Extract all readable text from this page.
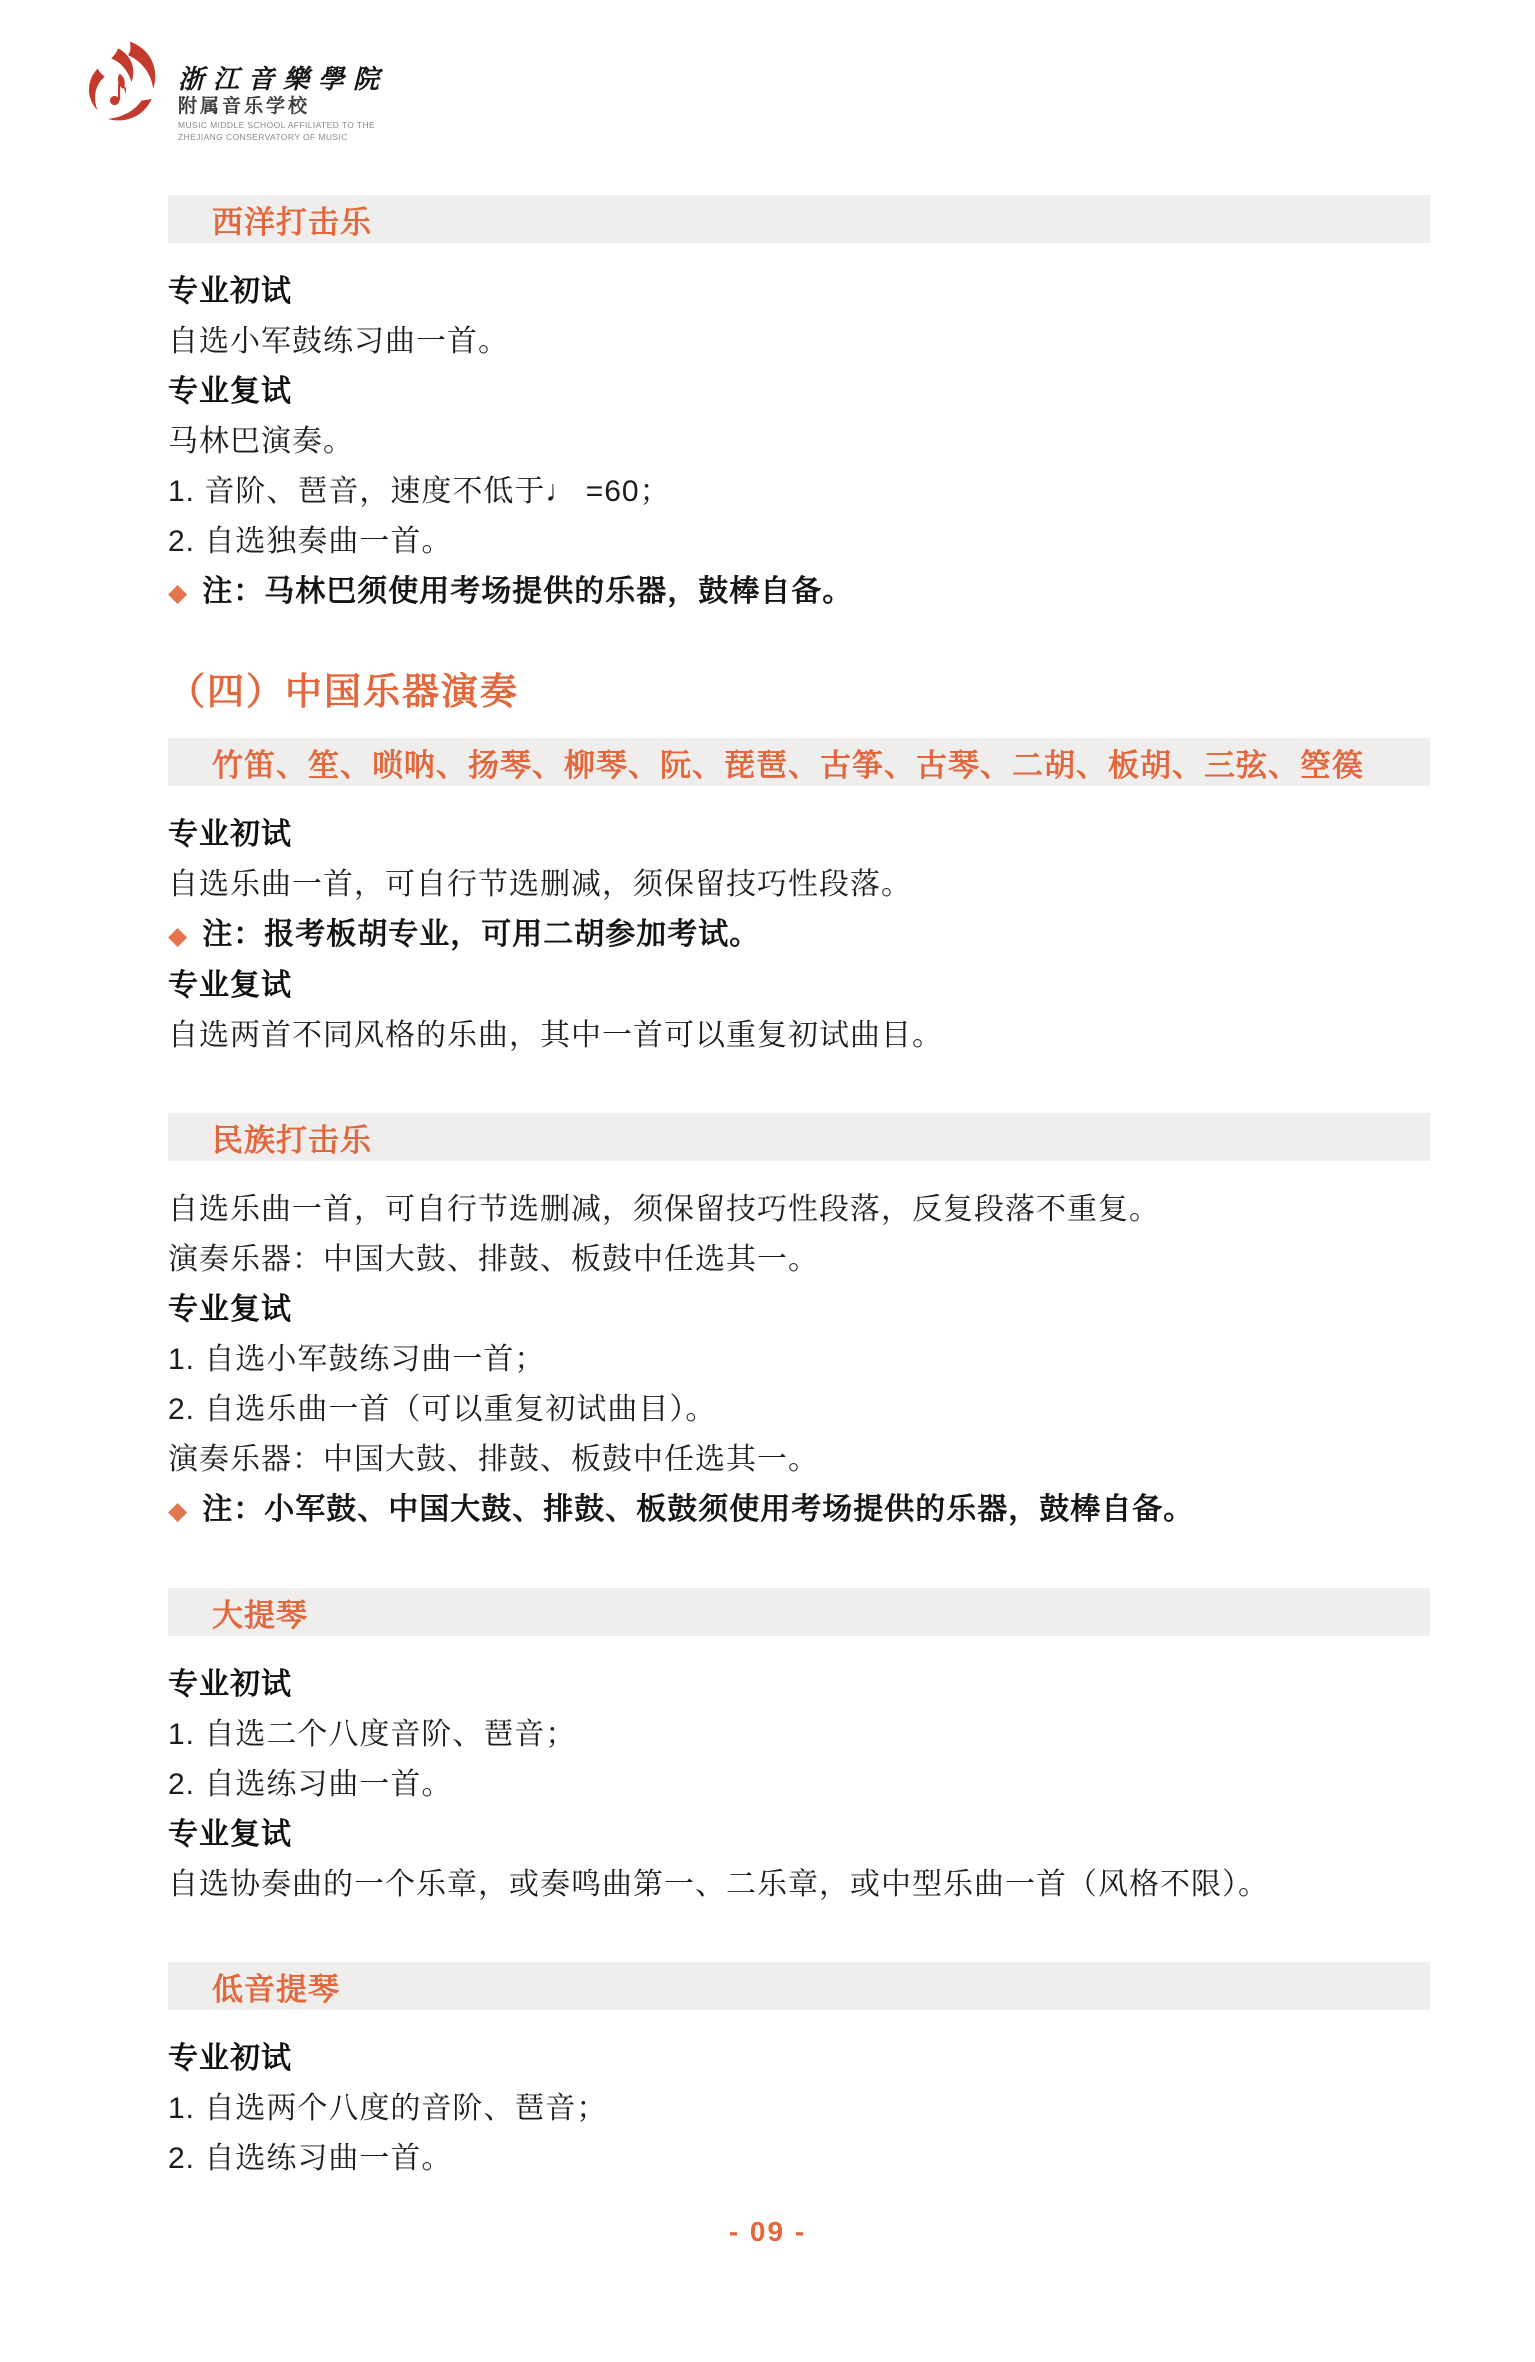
浙江音樂學院
附属音乐学校
MUSIC MIDDLE SCHOOL AFFILIATED TO THE
ZHEJIANG CONSERVATORY OF MUSIC
西洋打击乐

专业初试

自选小军鼓练习曲一首。

专业复试

马林巴演奏。

1. 音阶、琶音，速度不低于♩ =60；

2. 自选独奏曲一首。

◆ 注：马林巴须使用考场提供的乐器，鼓棒自备。

（四）中国乐器演奏
竹笛、笙、唢呐、扬琴、柳琴、阮、琵琶、古筝、古琴、二胡、板胡、三弦、箜篌

专业初试

自选乐曲一首，可自行节选删减，须保留技巧性段落。

◆ 注：报考板胡专业，可用二胡参加考试。

专业复试

自选两首不同风格的乐曲，其中一首可以重复初试曲目。

民族打击乐

自选乐曲一首，可自行节选删减，须保留技巧性段落，反复段落不重复。

演奏乐器：中国大鼓、排鼓、板鼓中任选其一。

专业复试

1. 自选小军鼓练习曲一首；

2. 自选乐曲一首（可以重复初试曲目）。

演奏乐器：中国大鼓、排鼓、板鼓中任选其一。

◆ 注：小军鼓、中国大鼓、排鼓、板鼓须使用考场提供的乐器，鼓棒自备。

大提琴

专业初试

1. 自选二个八度音阶、琶音；

2. 自选练习曲一首。

专业复试

自选协奏曲的一个乐章，或奏鸣曲第一、二乐章，或中型乐曲一首（风格不限）。

低音提琴

专业初试

1. 自选两个八度的音阶、琶音；

2. 自选练习曲一首。

- 09 -
